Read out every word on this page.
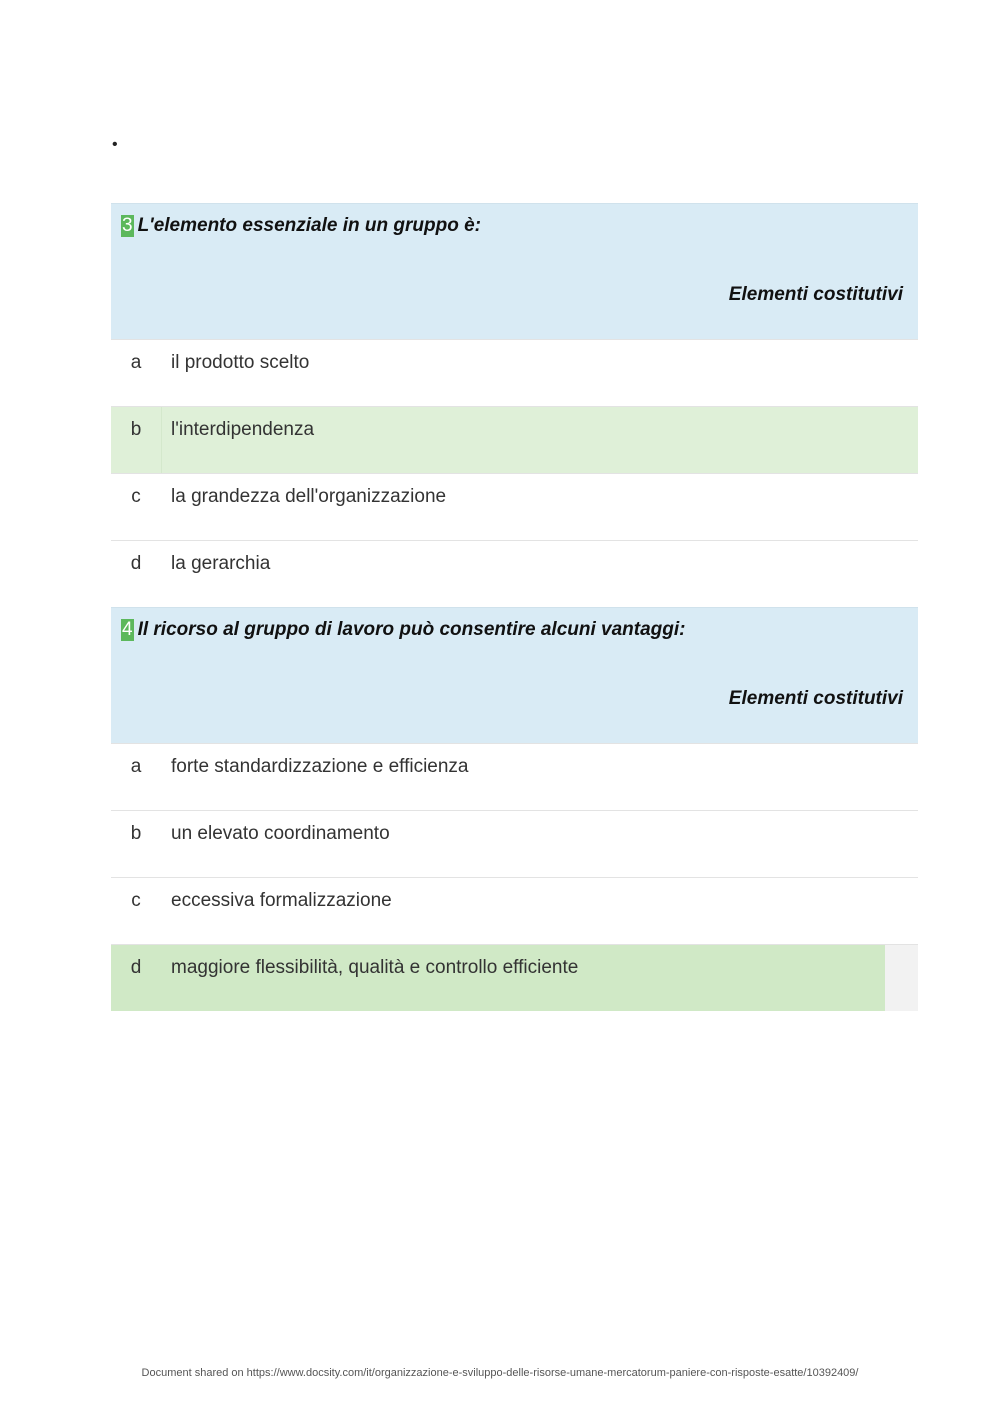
•
3 L'elemento essenziale in un gruppo è:
Elementi costitutivi
a	il prodotto scelto
b	l'interdipendenza
c	la grandezza dell'organizzazione
d	la gerarchia
4 Il ricorso al gruppo di lavoro può consentire alcuni vantaggi:
Elementi costitutivi
a	forte standardizzazione e efficienza
b	un elevato coordinamento
c	eccessiva formalizzazione
d	maggiore flessibilità, qualità e controllo efficiente
Document shared on https://www.docsity.com/it/organizzazione-e-sviluppo-delle-risorse-umane-mercatorum-paniere-con-risposte-esatte/10392409/
